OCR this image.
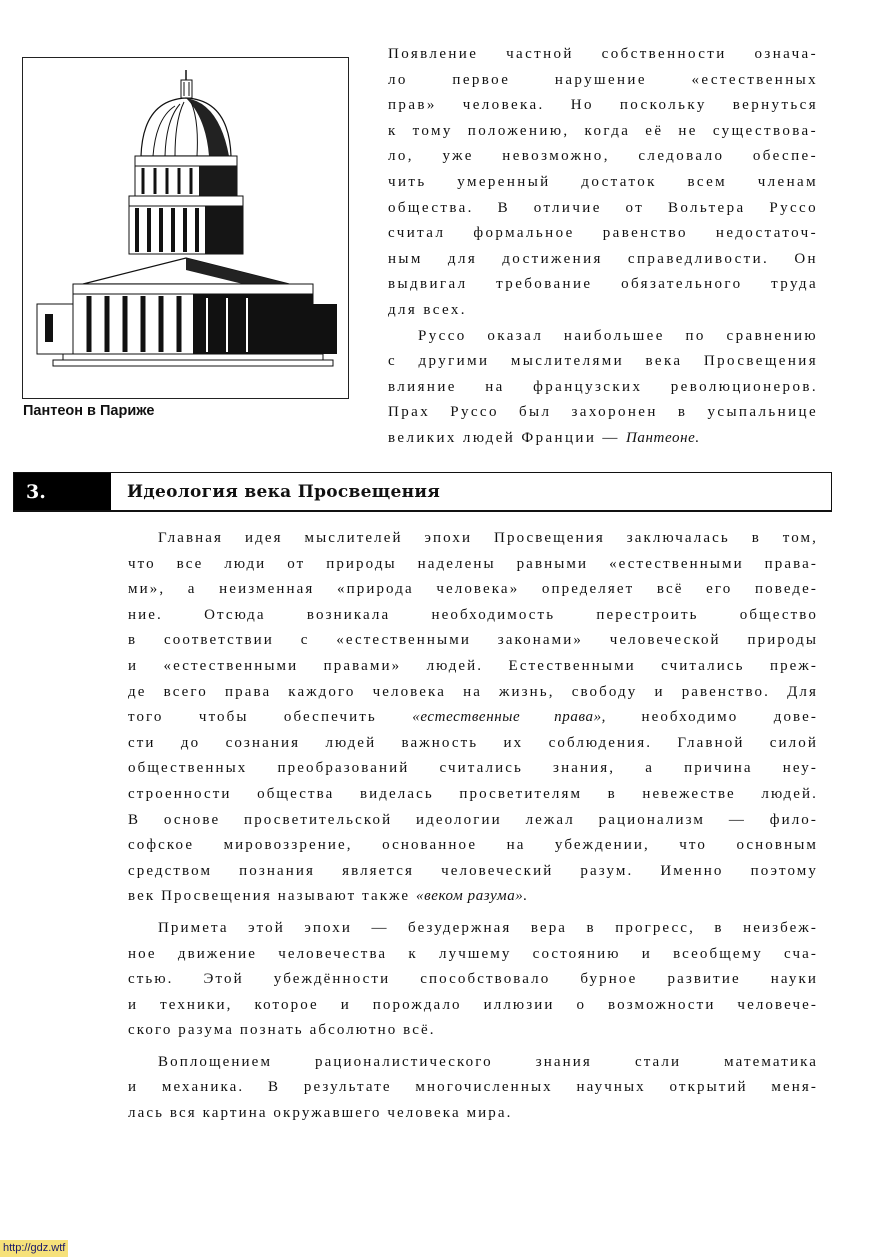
Пантеон в Париже
Появление частной собственности означа-
ло первое нарушение «естественных
прав» человека. Но поскольку вернуться
к тому положению, когда её не существова-
ло, уже невозможно, следовало обеспе-
чить умеренный достаток всем членам
общества. В отличие от Вольтера Руссо
считал формальное равенство недостаточ-
ным для достижения справедливости. Он
выдвигал требование обязательного труда
для всех.
Руссо оказал наибольшее по сравнению
с другими мыслителями века Просвещения
влияние на французских революционеров.
Прах Руссо был захоронен в усыпальнице
великих людей Франции — Пантеоне.
3.	Идеология века Просвещения
Главная идея мыслителей эпохи Просвещения заключалась в том,
что все люди от природы наделены равными «естественными права-
ми», а неизменная «природа человека» определяет всё его поведе-
ние. Отсюда возникала необходимость перестроить общество
в соответствии с «естественными законами» человеческой природы
и «естественными правами» людей. Естественными считались преж-
де всего права каждого человека на жизнь, свободу и равенство. Для
того чтобы обеспечить «естественные права», необходимо дове-
сти до сознания людей важность их соблюдения. Главной силой
общественных преобразований считались знания, а причина неу-
строенности общества виделась просветителям в невежестве людей.
В основе просветительской идеологии лежал рационализм — фило-
софское мировоззрение, основанное на убеждении, что основным
средством познания является человеческий разум. Именно поэтому
век Просвещения называют также «веком разума».
Примета этой эпохи — безудержная вера в прогресс, в неизбеж-
ное движение человечества к лучшему состоянию и всеобщему сча-
стью. Этой убеждённости способствовало бурное развитие науки
и техники, которое и порождало иллюзии о возможности человече-
ского разума познать абсолютно всё.
Воплощением рационалистического знания стали математика
и механика. В результате многочисленных научных открытий меня-
лась вся картина окружавшего человека мира.
http://gdz.wtf
